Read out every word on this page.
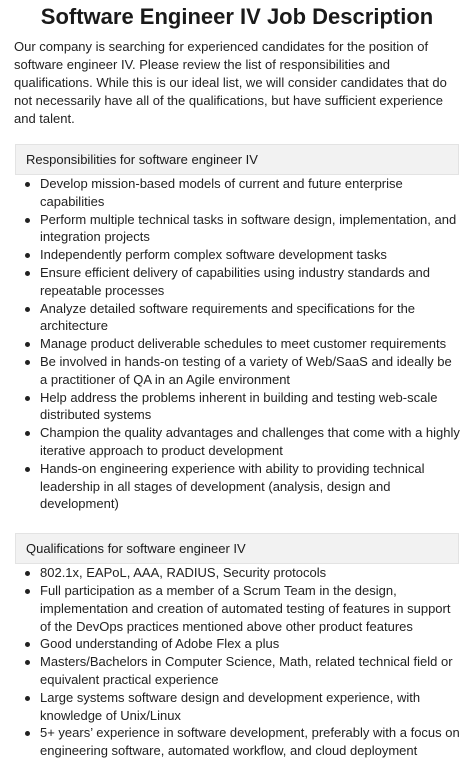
Software Engineer IV Job Description

Our company is searching for experienced candidates for the position of software engineer IV. Please review the list of responsibilities and qualifications. While this is our ideal list, we will consider candidates that do not necessarily have all of the qualifications, but have sufficient experience and talent.

Responsibilities for software engineer IV
Develop mission-based models of current and future enterprise capabilities
Perform multiple technical tasks in software design, implementation, and integration projects
Independently perform complex software development tasks
Ensure efficient delivery of capabilities using industry standards and repeatable processes
Analyze detailed software requirements and specifications for the architecture
Manage product deliverable schedules to meet customer requirements
Be involved in hands-on testing of a variety of Web/SaaS and ideally be a practitioner of QA in an Agile environment
Help address the problems inherent in building and testing web-scale distributed systems
Champion the quality advantages and challenges that come with a highly iterative approach to product development
Hands-on engineering experience with ability to providing technical leadership in all stages of development (analysis, design and development)
Qualifications for software engineer IV
802.1x, EAPoL, AAA, RADIUS, Security protocols
Full participation as a member of a Scrum Team in the design, implementation and creation of automated testing of features in support of the DevOps practices mentioned above other product features
Good understanding of Adobe Flex a plus
Masters/Bachelors in Computer Science, Math, related technical field or equivalent practical experience
Large systems software design and development experience, with knowledge of Unix/Linux
5+ years’ experience in software development, preferably with a focus on engineering software, automated workflow, and cloud deployment
